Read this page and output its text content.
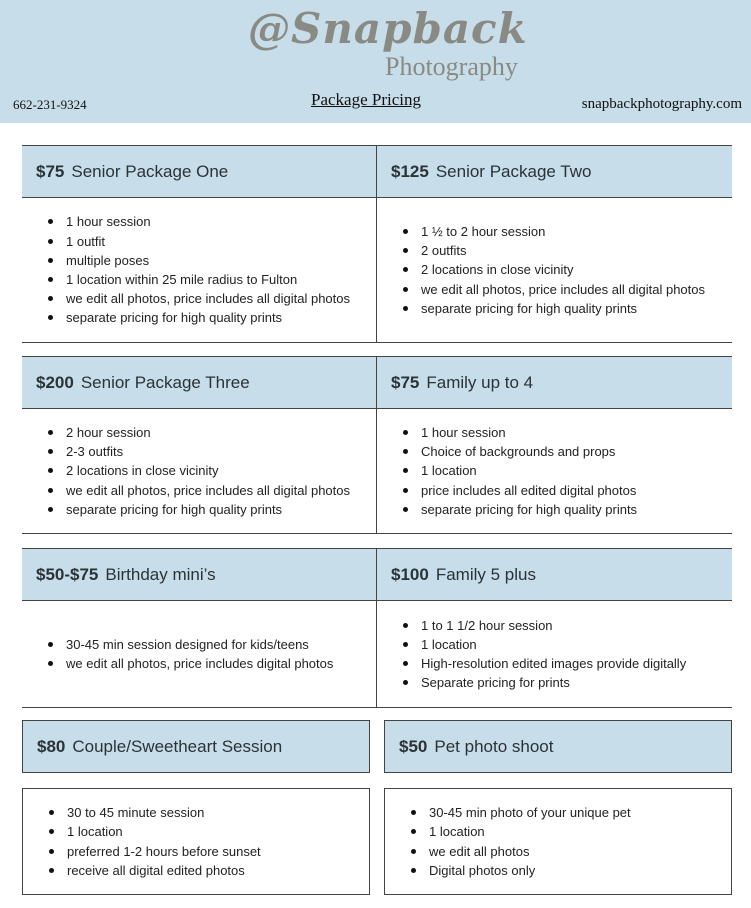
@Snapback
Photography
662-231-9324	Package Pricing	snapbackphotography.com
$75 Senior Package One
1 hour session
1 outfit
multiple poses
1 location within 25 mile radius to Fulton
we edit all photos, price includes all digital photos
separate pricing for high quality prints
$125 Senior Package Two
1 ½ to 2 hour session
2 outfits
2 locations in close vicinity
we edit all photos, price includes all digital photos
separate pricing for high quality prints
$200 Senior Package Three
2 hour session
2-3 outfits
2 locations in close vicinity
we edit all photos, price includes all digital photos
separate pricing for high quality prints
$75 Family up to 4
1 hour session
Choice of backgrounds and props
1 location
price includes all edited digital photos
separate pricing for high quality prints
$50-$75 Birthday mini’s
30-45 min session designed for kids/teens
we edit all photos, price includes digital photos
$100 Family 5 plus
1 to 1 1/2 hour session
1 location
High-resolution edited images provide digitally
Separate pricing for prints
$80 Couple/Sweetheart Session
30 to 45 minute session
1 location
preferred 1-2 hours before sunset
receive all digital edited photos
$50 Pet photo shoot
30-45 min photo of your unique pet
1 location
we edit all photos
Digital photos only
